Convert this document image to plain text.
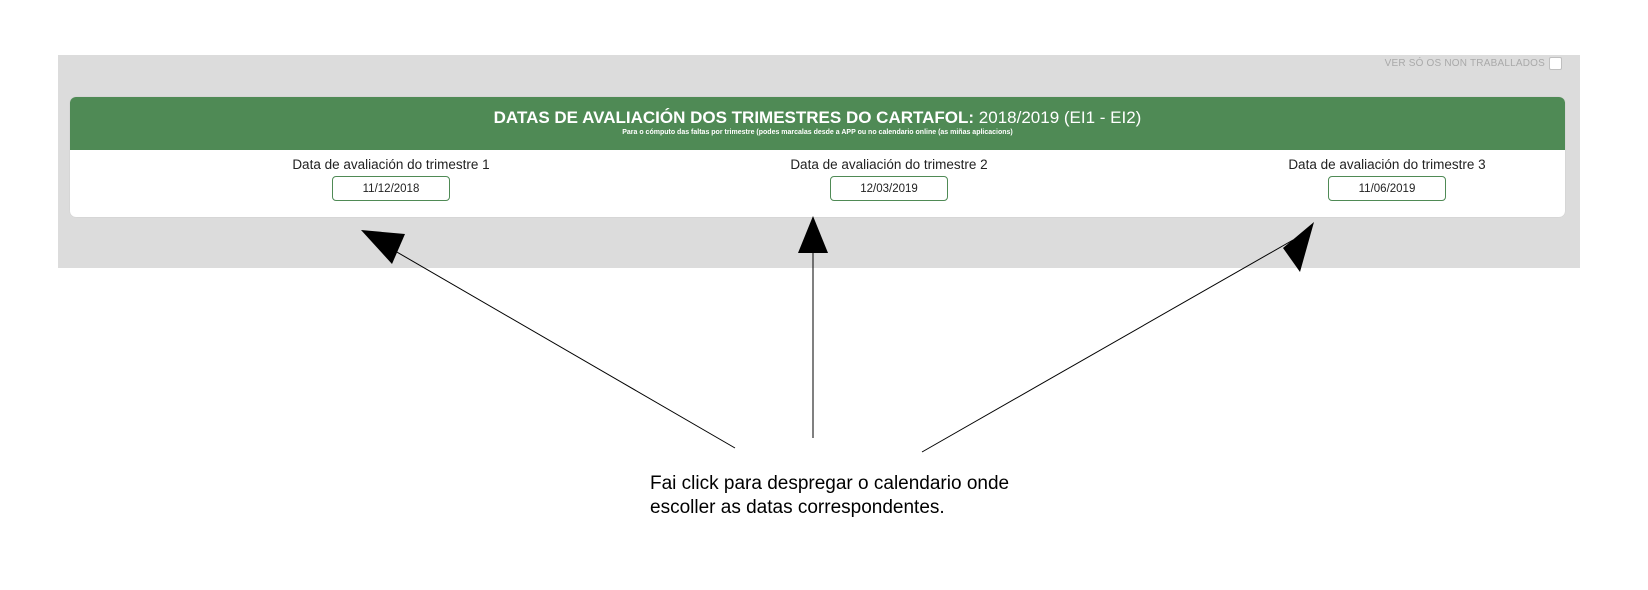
VER SÓ OS NON TRABALLADOS
DATAS DE AVALIACIÓN DOS TRIMESTRES DO CARTAFOL: 2018/2019 (EI1 - EI2)
Para o cómputo das faltas por trimestre (podes marcalas desde a APP ou no calendario online (as miñas aplicacions)
Data de avaliación do trimestre 1
11/12/2018	Data de avaliación do trimestre 2
12/03/2019	Data de avaliación do trimestre 3
11/06/2019
Fai click para despregar o calendario onde
escoller as datas correspondentes.
